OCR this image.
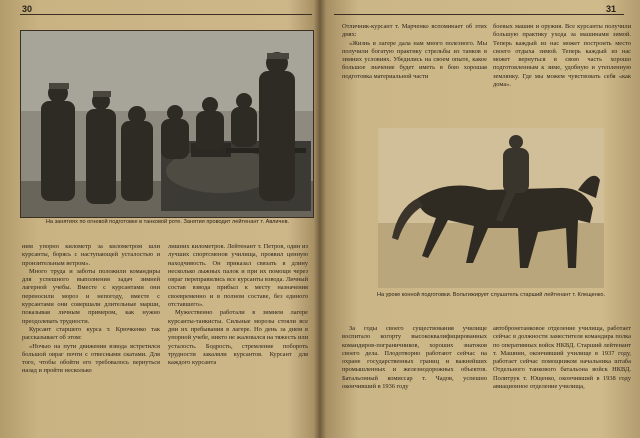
30
На занятиях по огневой подготовке в танковой роте. Занятия проводит лейтенант т. Авличев.

ним упорно километр за километром шли курсанты, борясь с наступающей усталостью и пронзительным ветром».

Много труда и заботы положили командиры для успешного выполнения задач зимней лагерной учебы. Вместе с курсантами они переносили мороз и непогоду, вместе с курсантами они совершали длительные марши, показывая личным примером, как нужно преодолевать трудности.

Курсант старшего курса т. Крючкенко так рассказывает об этом:

«Ночью на пути движения взвода встретился большой овраг почти с отвесными скатами. Для того, чтобы обойти его требовалось вернуться назад и пройти несколько

лишних километров. Лейтенант т. Петров, один из лучших спортсменов училища, проявил ценную находчивость. Он приказал связать в длину несколько лыжных палок и при их помощи через овраг переправились все курсанты взвода. Личный состав взвода прибыл к месту назначения своевременно и в полном составе, без единого отставшего».

Мужественно работали в зимнем лагере курсанты-танкисты. Сильные морозы стояли все дни их пребывания в лагере. Но день за днем в упорной учебе, никто не жаловался на тяжесть или усталость. Бодрость, стремление побороть трудности закаляли курсантов. Курсант для каждого курсанта

31

Отличник-курсант т. Марченко вспоминает об этих днях:

«Жизнь в лагере дала нам много полезного. Мы получили богатую практику стрельбы из танков в зимних условиях. Убедились на своем опыте, какое большое значение будет иметь в бою хорошая подготовка материальной части

боевых машин и оружия. Все курсанты получили большую практику ухода за машинами зимой. Теперь каждый из нас может построить место своего отдыха зимой. Теперь каждый из нас может вернуться в свою часть хорошо подготовленным к зиме, удобную и утепленную землянку. Где мы можем чувствовать себя «как дома».

На уроке конной подготовки. Вольтижирует слушатель старший лейтенант т. Клещенко.

За годы своего существования училище воспитало когорту высококвалифицированных командиров-пограничников, хороших знатоков своего дела. Плодотворно работают сейчас на охране государственных границ и важнейших промышленных и железнодорожных объектов. Батальонный комиссар т. Чадов, успешно окончивший в 1936 году

автобронетанковое отделение училища, работает сейчас в должности заместителя командира полка по оперативных войск НКВД. Старший лейтенант т. Машнин, окончивший училище в 1937 году, работает сейчас помощником начальника штаба Отдельного танкового батальона войск НКВД. Политрук т. Ющенко, окончивший в 1938 году авиационное отделение училища,
